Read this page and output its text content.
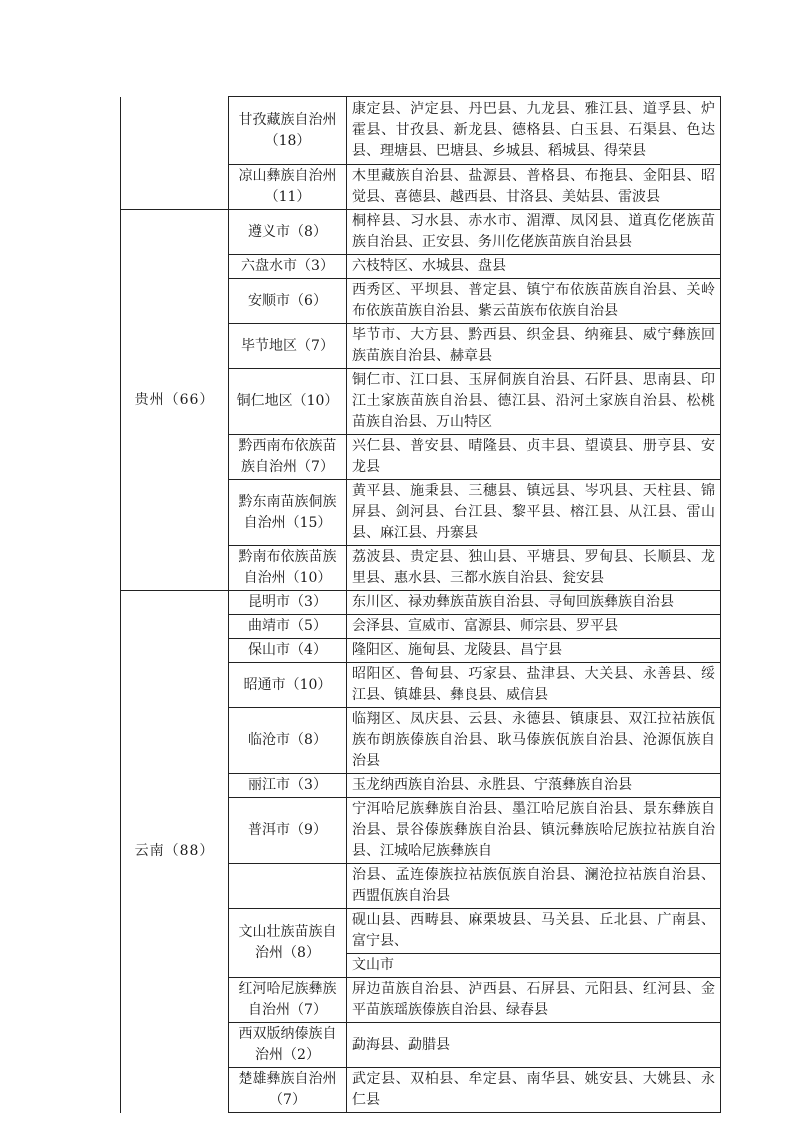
	甘孜藏族自治州（18）	康定县、泸定县、丹巴县、九龙县、雅江县、道孚县、炉霍县、甘孜县、新龙县、德格县、白玉县、石渠县、色达县、理塘县、巴塘县、乡城县、稻城县、得荣县
	凉山彝族自治州（11）	木里藏族自治县、盐源县、普格县、布拖县、金阳县、昭觉县、喜德县、越西县、甘洛县、美姑县、雷波县
贵州（66）	遵义市（8）	桐梓县、习水县、赤水市、湄潭、凤冈县、道真仡佬族苗族自治县、正安县、务川仡佬族苗族自治县县
	六盘水市（3）	六枝特区、水城县、盘县
	安顺市（6）	西秀区、平坝县、普定县、镇宁布依族苗族自治县、关岭布依族苗族自治县、紫云苗族布依族自治县
	毕节地区（7）	毕节市、大方县、黔西县、织金县、纳雍县、威宁彝族回族苗族自治县、赫章县
	铜仁地区（10）	铜仁市、江口县、玉屏侗族自治县、石阡县、思南县、印江土家族苗族自治县、德江县、沿河土家族自治县、松桃苗族自治县、万山特区
	黔西南布依族苗族自治州（7）	兴仁县、普安县、晴隆县、贞丰县、望谟县、册亨县、安龙县
	黔东南苗族侗族自治州（15）	黄平县、施秉县、三穗县、镇远县、岑巩县、天柱县、锦屏县、剑河县、台江县、黎平县、榕江县、从江县、雷山县、麻江县、丹寨县
	黔南布依族苗族自治州（10）	荔波县、贵定县、独山县、平塘县、罗甸县、长顺县、龙里县、惠水县、三都水族自治县、瓮安县
云南（88）	昆明市（3）	东川区、禄劝彝族苗族自治县、寻甸回族彝族自治县
	曲靖市（5）	会泽县、宣威市、富源县、师宗县、罗平县
	保山市（4）	隆阳区、施甸县、龙陵县、昌宁县
	昭通市（10）	昭阳区、鲁甸县、巧家县、盐津县、大关县、永善县、绥江县、镇雄县、彝良县、威信县
	临沧市（8）	临翔区、凤庆县、云县、永德县、镇康县、双江拉祜族佤族布朗族傣族自治县、耿马傣族佤族自治县、沧源佤族自治县
	丽江市（3）	玉龙纳西族自治县、永胜县、宁蒗彝族自治县
	普洱市（9）	宁洱哈尼族彝族自治县、墨江哈尼族自治县、景东彝族自治县、景谷傣族彝族自治县、镇沅彝族哈尼族拉祜族自治县、江城哈尼族彝族自
		治县、孟连傣族拉祜族佤族自治县、澜沧拉祜族自治县、西盟佤族自治县
	文山壮族苗族自治州（8）	砚山县、西畴县、麻栗坡县、马关县、丘北县、广南县、富宁县、
		文山市
	红河哈尼族彝族自治州（7）	屏边苗族自治县、泸西县、石屏县、元阳县、红河县、金平苗族瑶族傣族自治县、绿春县
	西双版纳傣族自治州（2）	勐海县、勐腊县
	楚雄彝族自治州（7）	武定县、双柏县、牟定县、南华县、姚安县、大姚县、永仁县
